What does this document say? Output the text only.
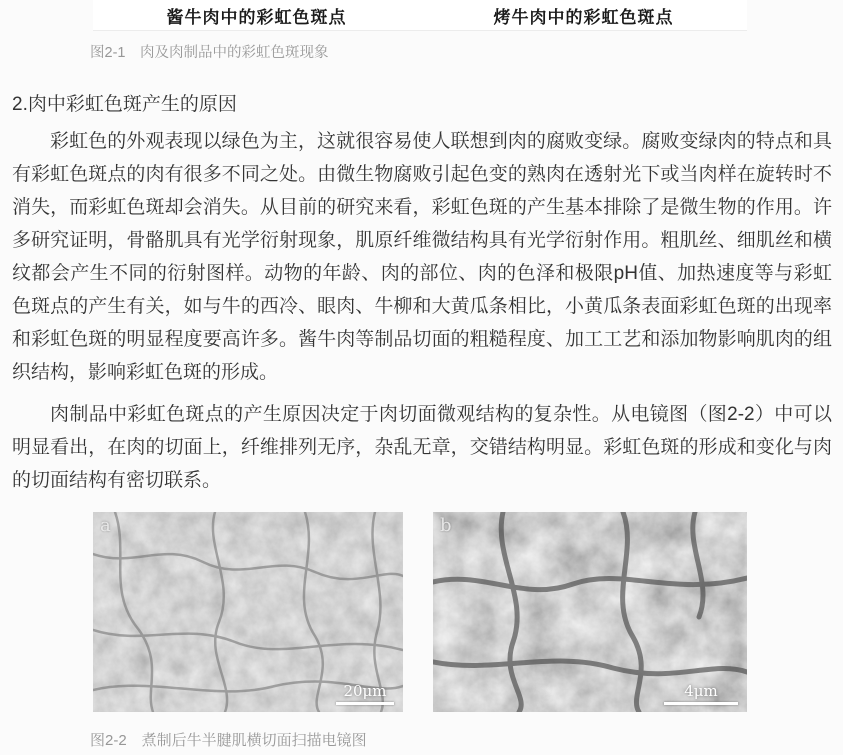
酱牛肉中的彩虹色斑点	烤牛肉中的彩虹色斑点
图2-1　肉及肉制品中的彩虹色斑现象
2.肉中彩虹色斑产生的原因

彩虹色的外观表现以绿色为主，这就很容易使人联想到肉的腐败变绿。腐败变绿肉的特点和具有彩虹色斑点的肉有很多不同之处。由微生物腐败引起色变的熟肉在透射光下或当肉样在旋转时不消失，而彩虹色斑却会消失。从目前的研究来看，彩虹色斑的产生基本排除了是微生物的作用。许多研究证明，骨骼肌具有光学衍射现象，肌原纤维微结构具有光学衍射作用。粗肌丝、细肌丝和横纹都会产生不同的衍射图样。动物的年龄、肉的部位、肉的色泽和极限pH值、加热速度等与彩虹色斑点的产生有关，如与牛的西冷、眼肉、牛柳和大黄瓜条相比，小黄瓜条表面彩虹色斑的出现率和彩虹色斑的明显程度要高许多。酱牛肉等制品切面的粗糙程度、加工工艺和添加物影响肌肉的组织结构，影响彩虹色斑的形成。

肉制品中彩虹色斑点的产生原因决定于肉切面微观结构的复杂性。从电镜图（图2-2）中可以明显看出，在肉的切面上，纤维排列无序，杂乱无章，交错结构明显。彩虹色斑的形成和变化与肉的切面结构有密切联系。

a
20μm
b
4μm
图2-2　煮制后牛半腱肌横切面扫描电镜图
